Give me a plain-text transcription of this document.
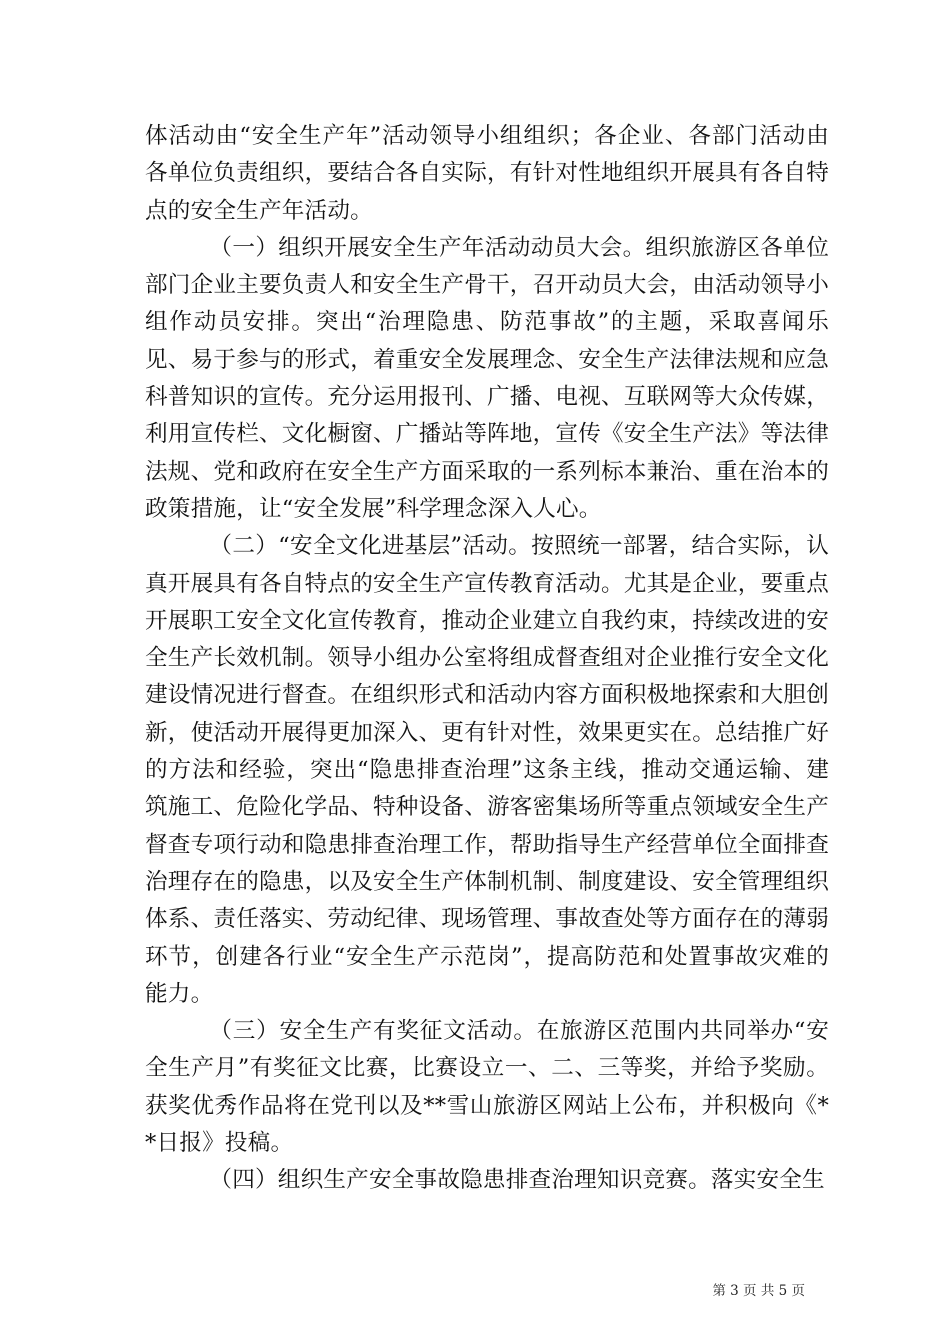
体活动由“安全生产年”活动领导小组组织；各企业、各部门活动由各单位负责组织，要结合各自实际，有针对性地组织开展具有各自特点的安全生产年活动。

（一）组织开展安全生产年活动动员大会。组织旅游区各单位部门企业主要负责人和安全生产骨干，召开动员大会，由活动领导小组作动员安排。突出“治理隐患、防范事故”的主题，采取喜闻乐见、易于参与的形式，着重安全发展理念、安全生产法律法规和应急科普知识的宣传。充分运用报刊、广播、电视、互联网等大众传媒，利用宣传栏、文化橱窗、广播站等阵地，宣传《安全生产法》等法律法规、党和政府在安全生产方面采取的一系列标本兼治、重在治本的政策措施，让“安全发展”科学理念深入人心。

（二）“安全文化进基层”活动。按照统一部署，结合实际，认真开展具有各自特点的安全生产宣传教育活动。尤其是企业，要重点开展职工安全文化宣传教育，推动企业建立自我约束，持续改进的安全生产长效机制。领导小组办公室将组成督查组对企业推行安全文化建设情况进行督查。在组织形式和活动内容方面积极地探索和大胆创新，使活动开展得更加深入、更有针对性，效果更实在。总结推广好的方法和经验，突出“隐患排查治理”这条主线，推动交通运输、建筑施工、危险化学品、特种设备、游客密集场所等重点领域安全生产督查专项行动和隐患排查治理工作，帮助指导生产经营单位全面排查治理存在的隐患，以及安全生产体制机制、制度建设、安全管理组织体系、责任落实、劳动纪律、现场管理、事故查处等方面存在的薄弱环节，创建各行业“安全生产示范岗”，提高防范和处置事故灾难的能力。

（三）安全生产有奖征文活动。在旅游区范围内共同举办“安全生产月”有奖征文比赛，比赛设立一、二、三等奖，并给予奖励。获奖优秀作品将在党刊以及**雪山旅游区网站上公布，并积极向《**日报》投稿。

（四）组织生产安全事故隐患排查治理知识竞赛。落实安全生

第 3 页 共 5 页
